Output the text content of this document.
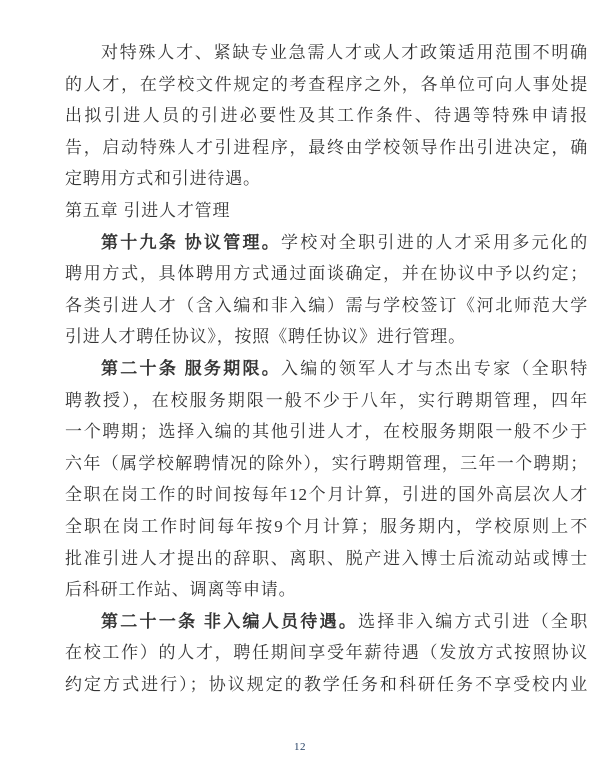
对特殊人才、紧缺专业急需人才或人才政策适用范围不明确
的人才，在学校文件规定的考查程序之外，各单位可向人事处提
出拟引进人员的引进必要性及其工作条件、待遇等特殊申请报
告，启动特殊人才引进程序，最终由学校领导作出引进决定，确
定聘用方式和引进待遇。
第五章 引进人才管理
第十九条 协议管理。学校对全职引进的人才采用多元化的
聘用方式，具体聘用方式通过面谈确定，并在协议中予以约定；
各类引进人才（含入编和非入编）需与学校签订《河北师范大学
引进人才聘任协议》，按照《聘任协议》进行管理。
第二十条 服务期限。入编的领军人才与杰出专家（全职特
聘教授），在校服务期限一般不少于八年，实行聘期管理，四年
一个聘期；选择入编的其他引进人才，在校服务期限一般不少于
六年（属学校解聘情况的除外），实行聘期管理，三年一个聘期；
全职在岗工作的时间按每年12个月计算，引进的国外高层次人才
全职在岗工作时间每年按9个月计算；服务期内，学校原则上不
批准引进人才提出的辞职、离职、脱产进入博士后流动站或博士
后科研工作站、调离等申请。
第二十一条 非入编人员待遇。选择非入编方式引进（全职
在校工作）的人才，聘任期间享受年薪待遇（发放方式按照协议
约定方式进行）；协议规定的教学任务和科研任务不享受校内业
12
